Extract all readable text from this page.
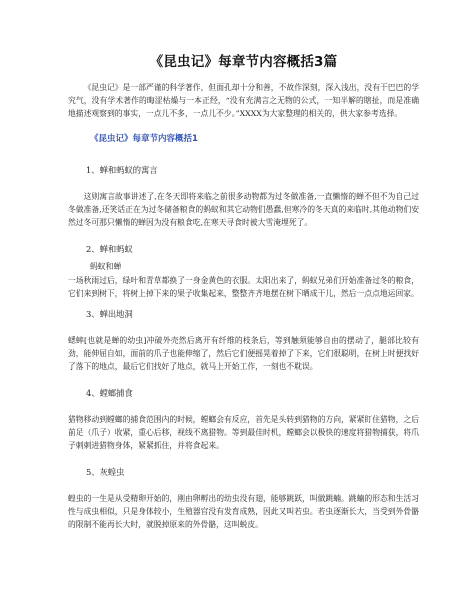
《昆虫记》每章节内容概括3篇

《昆虫记》是一部严谨的科学著作，但面孔却十分和善，不故作深刻，深入浅出，没有干巴巴的学究气，没有学术著作的晦涩枯燥与一本正经，“没有充满言之无物的公式，一知半解的瞎扯，而是准确地描述观察到的事实，一点儿不多，一点儿不少。”XXXX为大家整理的相关的，供大家参考选择。

《昆虫记》每章节内容概括1
1、蝉和蚂蚁的寓言

这则寓言故事讲述了,在冬天即将来临之前很多动物都为过冬做准备,一直懒惰的蝉不但不为自己过冬做准备,还笑话正在为过冬储备粮食的蚂蚁和其它动物们愚蠢,但寒冷的冬天真的来临时,其他动物们安然过冬可那只懒惰的蝉因为没有粮食吃,在寒天寻食时被大雪淹埋死了。

2、蝉和蚂蚁
蚂蚁和蝉

一场秋雨过后，绿叶和青草都换了一身金黄色的衣服。太阳出来了，蚂蚁兄弟们开始准备过冬的粮食，它们来到树下，将树上掉下来的果子收集起来，整整齐齐地摆在树下晒成干儿，然后一点点地运回家。

3、蝉出地洞

蟋蟀[也就是蝉的幼虫]冲破外壳然后离开有纤维的枝条后，等到触须能够自由的摆动了，腿部比较有劲，能伸屈自如，面前的爪子也能伸缩了，然后它们便摇晃着掉了下来，它们很聪明，在树上时便找好了落下的地点，最后它们找好了地点，就马上开始工作，一刻也不耽误。

4、螳螂捕食

猎物移动到螳螂的捕食范围内的时候，螳螂会有反应，首先是头转到猎物的方向，紧紧盯住猎物，之后前足（爪子）收紧，重心后移，视线不离猎物。等到最佳时机，螳螂会以极快的速度将猎物捕获，将爪子刺刺进猎物身体，紧紧抓住，并将食起来。

5、灰蝗虫

蝗虫的一生是从受精卵开始的，刚由卵孵出的幼虫没有翅，能够跳跃，叫做跳蝻。跳蝻的形态和生活习性与成虫相似，只是身体较小，生殖器官没有发育成熟，因此又叫若虫。若虫逐渐长大，当受到外骨骼的限制不能再长大时，就脱掉原来的外骨骼，这叫蜕皮。
